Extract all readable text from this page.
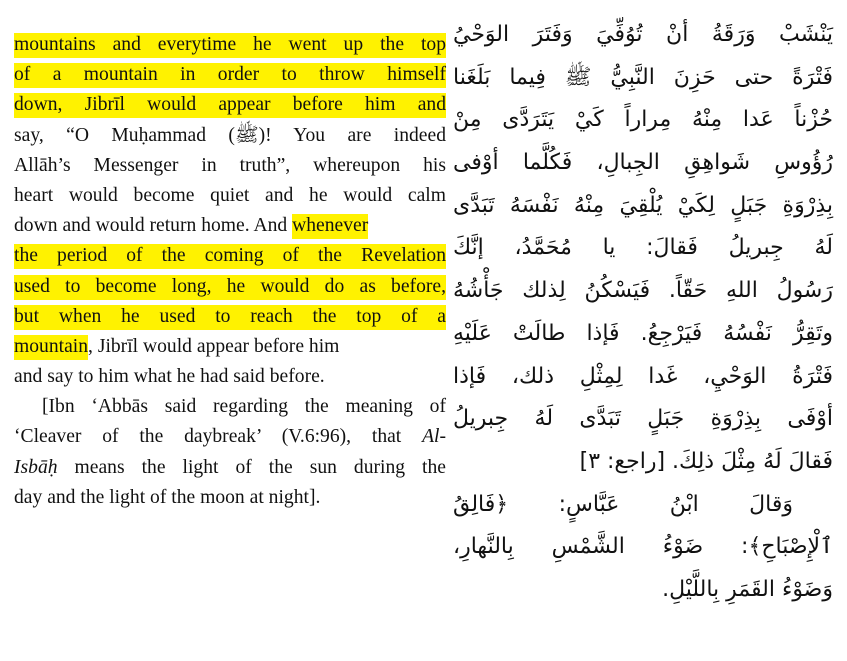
mountains and everytime he went up the top
of a mountain in order to throw himself
down, Jibrīl would appear before him and
say, “O Muḥammad (ﷺ)! You are indeed
Allāh’s Messenger in truth”, whereupon his
heart would become quiet and he would calm
down and would return home. And whenever
the period of the coming of the Revelation
used to become long, he would do as before,
but when he used to reach the top of a
mountain, Jibrīl would appear before him
and say to him what he had said before.
[Ibn ‘Abbās said regarding the meaning of
‘Cleaver of the daybreak’ (V.6:96), that Al-
Isbāḥ means the light of the sun during the
day and the light of the moon at night].
يَنْشَبْ وَرَقَةُ أنْ تُوُفِّيَ وَفَتَرَ الوَحْيُ
فَتْرَةً حتى حَزِنَ النَّبِيُّ ﷺ فِيما بَلَغَنا
حُزْناً عَدا مِنْهُ مِراراً كَيْ يَتَرَدَّى مِنْ
رُؤُوسِ شَواهِقِ الجِبالِ، فَكُلَّما أوْفى
بِذِرْوَةِ جَبَلٍ لِكَيْ يُلْقِيَ مِنْهُ نَفْسَهُ تَبَدَّى
لَهُ جِبريلُ فَقالَ: يا مُحَمَّدُ، إنَّكَ
رَسُولُ اللهِ حَقّاً. فَيَسْكُنُ لِذلك جَأْشُهُ
وتَقِرُّ نَفْسُهُ فَيَرْجِعُ. فَإذا طالَتْ عَلَيْهِ
فَتْرَةُ الوَحْيِ، غَدا لِمِثْلِ ذلك، فَإذا
أوْفَى بِذِرْوَةِ جَبَلٍ تَبَدَّى لَهُ جِبريلُ
فَقالَ لَهُ مِثْلَ ذلِكَ. [راجع: ٣]
وَقالَ ابْنُ عَبَّاسٍ: ﴿فَالِقُ
ٱلْإِصْبَاحِ﴾: ضَوْءُ الشَّمْسِ بِالنَّهارِ،
وَضَوْءُ القَمَرِ بِاللَّيْلِ.
